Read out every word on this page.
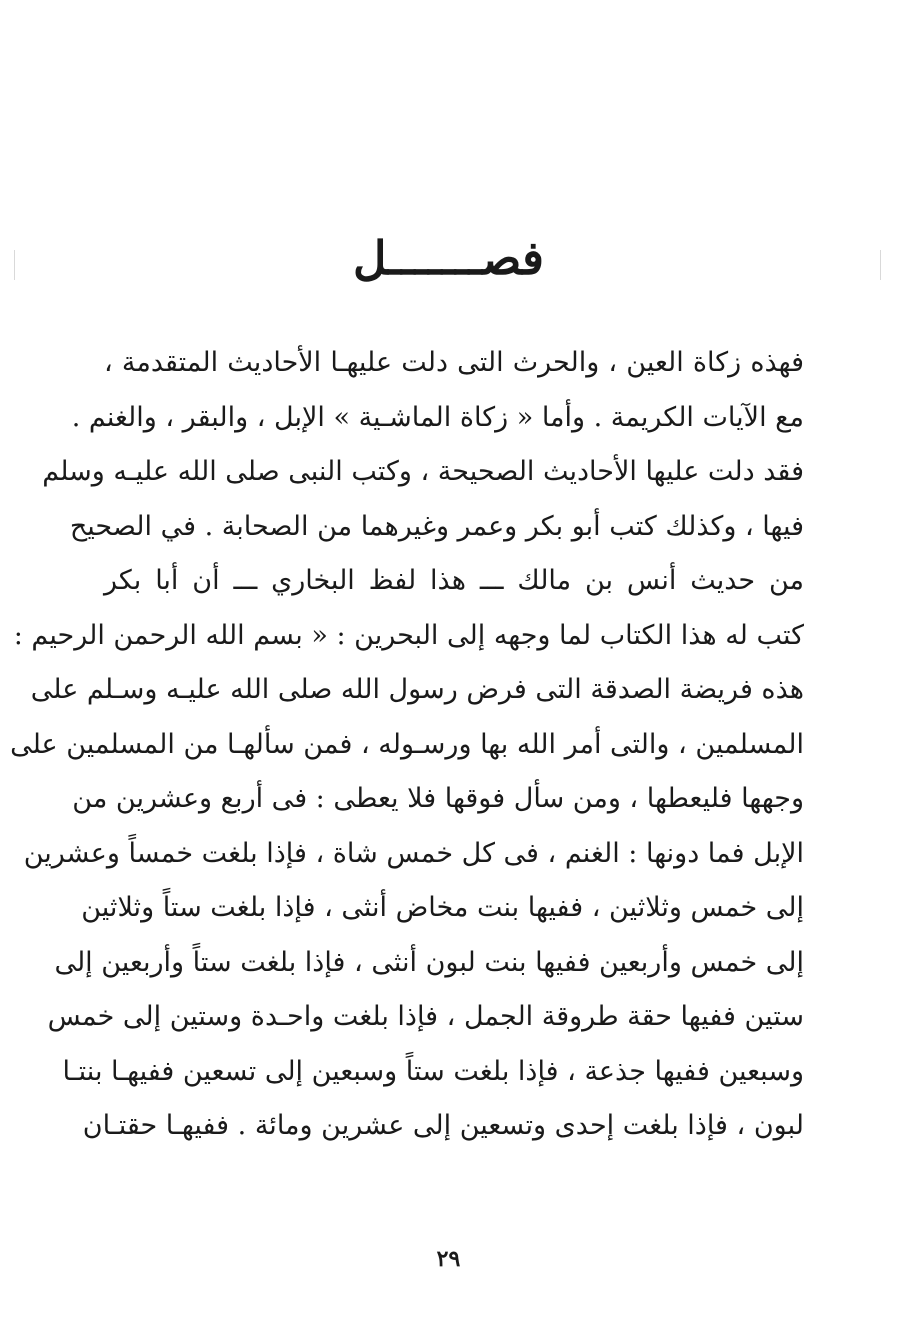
فصـــــــل
فهذه زكاة العين ، والحرث التى دلت عليهـا الأحاديث المتقدمة ،
مع الآيات الكريمة . وأما « زكاة الماشـية » الإبل ، والبقر ، والغنم .
فقد دلت عليها الأحاديث الصحيحة ، وكتب النبى صلى الله عليـه وسلم
فيها ، وكذلك كتب أبو بكر وعمر وغيرهما من الصحابة . في الصحيح
من حديث أنس بن مالك ـــ هذا لفظ البخاري ـــ أن أبا بكر
كتب له هذا الكتاب لما وجهه إلى البحرين : « بسم الله الرحمن الرحيم :
هذه فريضة الصدقة التى فرض رسول الله صلى الله عليـه وسـلم على
المسلمين ، والتى أمر الله بها ورسـوله ، فمن سألهـا من المسلمين على
وجهها فليعطها ، ومن سأل فوقها فلا يعطى : فى أربع وعشرين من
الإبل فما دونها : الغنم ، فى كل خمس شاة ، فإذا بلغت خمساً وعشرين
إلى خمس وثلاثين ، ففيها بنت مخاض أنثى ، فإذا بلغت ستاً وثلاثين
إلى خمس وأربعين ففيها بنت لبون أنثى ، فإذا بلغت ستاً وأربعين إلى
ستين ففيها حقة طروقة الجمل ، فإذا بلغت واحـدة وستين إلى خمس
وسبعين ففيها جذعة ، فإذا بلغت ستاً وسبعين إلى تسعين ففيهـا بنتـا
لبون ، فإذا بلغت إحدى وتسعين إلى عشرين ومائة . ففيهـا حقتـان
٢٩
